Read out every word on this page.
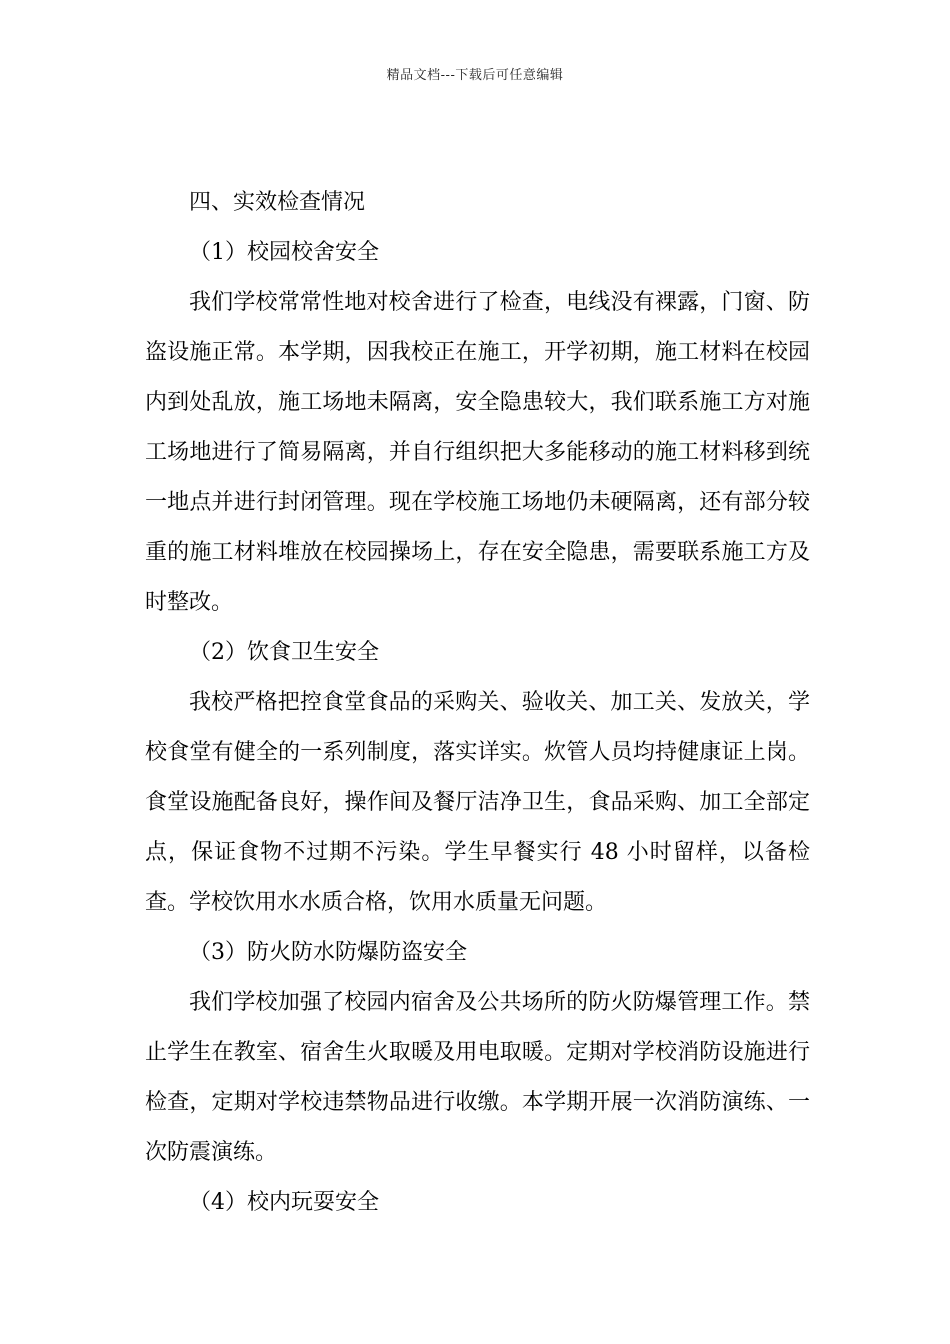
精品文档---下载后可任意编辑

四、实效检查情况

（1）校园校舍安全

我们学校常常性地对校舍进行了检查，电线没有裸露，门窗、防盗设施正常。本学期，因我校正在施工，开学初期，施工材料在校园内到处乱放，施工场地未隔离，安全隐患较大，我们联系施工方对施工场地进行了简易隔离，并自行组织把大多能移动的施工材料移到统一地点并进行封闭管理。现在学校施工场地仍未硬隔离，还有部分较重的施工材料堆放在校园操场上，存在安全隐患，需要联系施工方及时整改。

（2）饮食卫生安全

我校严格把控食堂食品的采购关、验收关、加工关、发放关，学校食堂有健全的一系列制度，落实详实。炊管人员均持健康证上岗。食堂设施配备良好，操作间及餐厅洁净卫生，食品采购、加工全部定点，保证食物不过期不污染。学生早餐实行 48 小时留样，以备检查。学校饮用水水质合格，饮用水质量无问题。

（3）防火防水防爆防盗安全

我们学校加强了校园内宿舍及公共场所的防火防爆管理工作。禁止学生在教室、宿舍生火取暖及用电取暖。定期对学校消防设施进行检查，定期对学校违禁物品进行收缴。本学期开展一次消防演练、一次防震演练。

（4）校内玩耍安全
